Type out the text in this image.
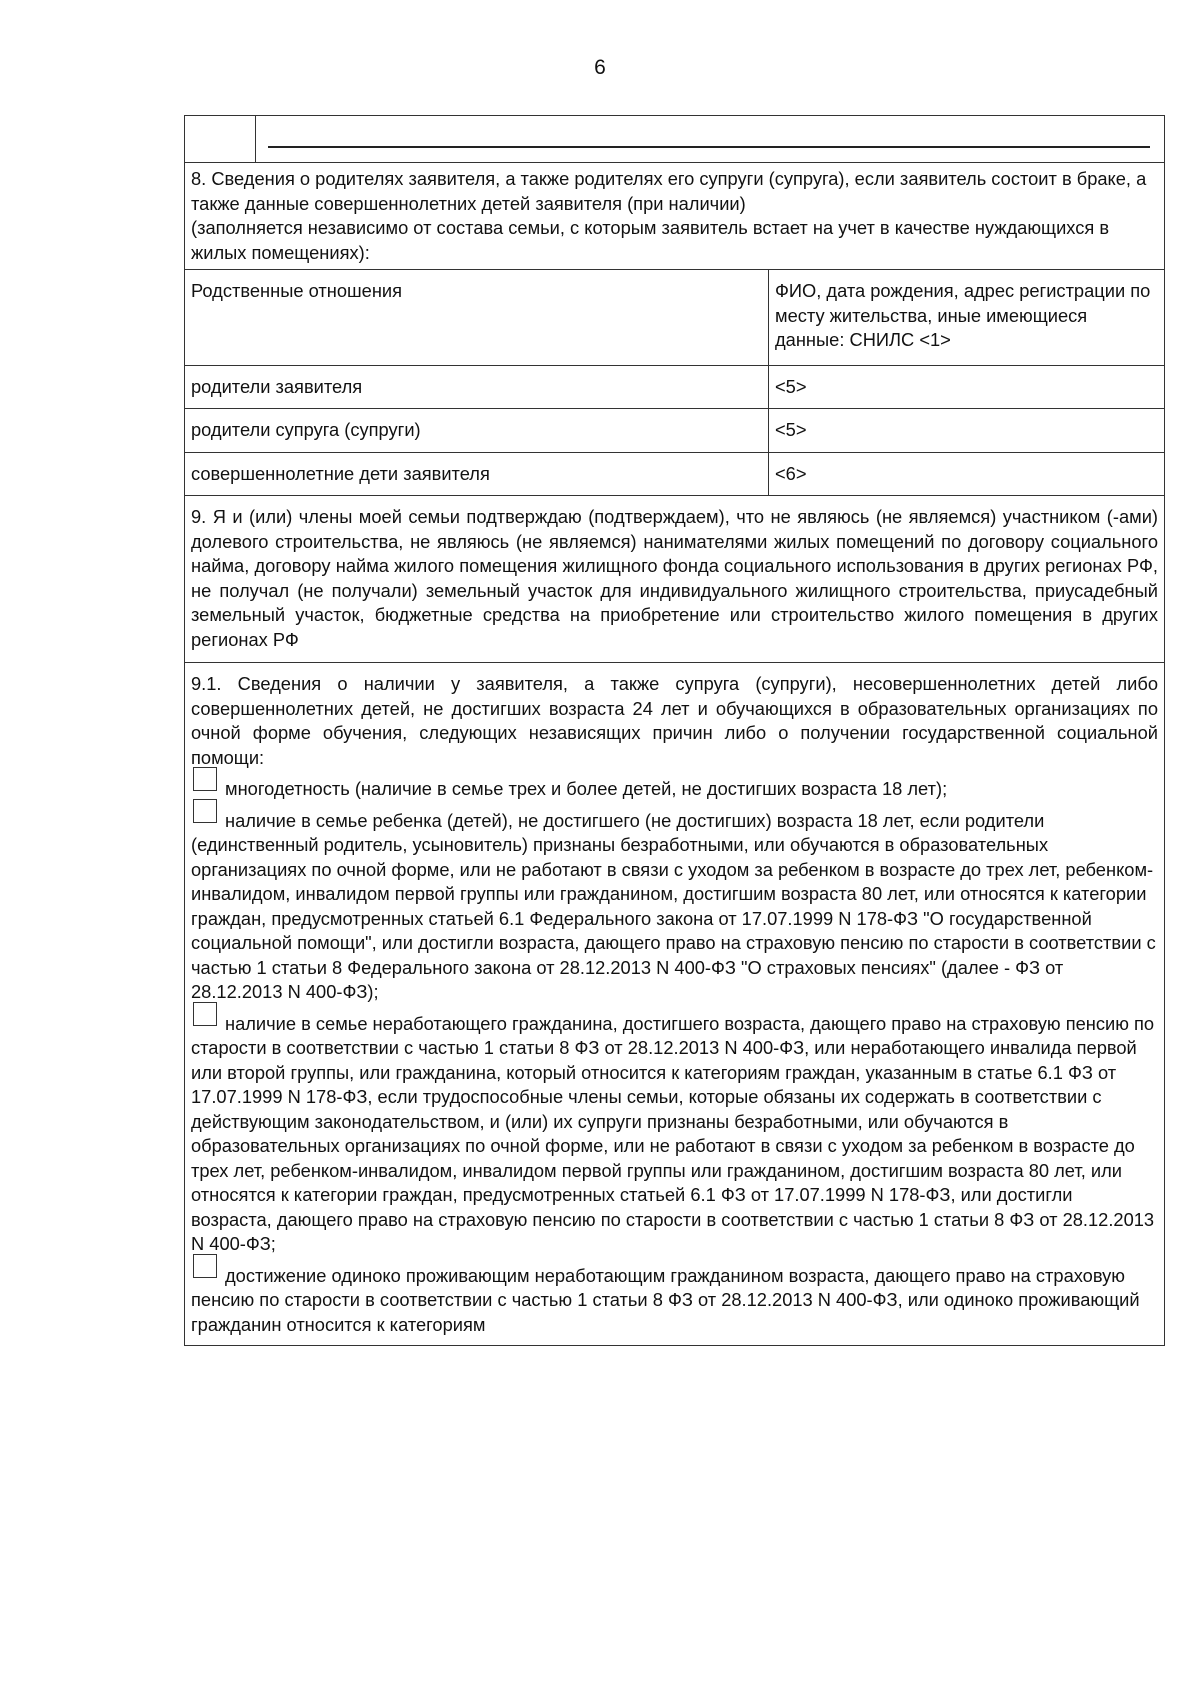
6

8. Сведения о родителях заявителя, а также родителях его супруги (супруга), если заявитель состоит в браке, а также данные совершеннолетних детей заявителя (при наличии)

(заполняется независимо от состава семьи, с которым заявитель встает на учет в качестве нуждающихся в жилых помещениях):		

Родственные отношения		ФИО, дата рождения, адрес регистрации по месту жительства, иные имеющиеся данные: СНИЛС <1>
родители заявителя		<5>
родители супруга (супруги)		<5>
совершеннолетние дети заявителя		<6>

9. Я и (или) члены моей семьи подтверждаю (подтверждаем), что не являюсь (не являемся) участником (-ами) долевого строительства, не являюсь (не являемся) нанимателями жилых помещений по договору социального найма, договору найма жилого помещения жилищного фонда социального использования в других регионах РФ, не получал (не получали) земельный участок для индивидуального жилищного строительства, приусадебный земельный участок, бюджетные средства на приобретение или строительство жилого помещения в других регионах РФ		

9.1. Сведения о наличии у заявителя, а также супруга (супруги), несовершеннолетних детей либо совершеннолетних детей, не достигших возраста 24 лет и обучающихся в образовательных организациях по очной форме обучения, следующих независящих причин либо о получении государственной социальной помощи:

многодетность (наличие в семье трех и более детей, не достигших возраста 18 лет);

наличие в семье ребенка (детей), не достигшего (не достигших) возраста 18 лет, если родители (единственный родитель, усыновитель) признаны безработными, или обучаются в образовательных организациях по очной форме, или не работают в связи с уходом за ребенком в возрасте до трех лет, ребенком-инвалидом, инвалидом первой группы или гражданином, достигшим возраста 80 лет, или относятся к категории граждан, предусмотренных статьей 6.1 Федерального закона от 17.07.1999 N 178-ФЗ "О государственной социальной помощи", или достигли возраста, дающего право на страховую пенсию по старости в соответствии с частью 1 статьи 8 Федерального закона от 28.12.2013 N 400-ФЗ "О страховых пенсиях" (далее - ФЗ от 28.12.2013 N 400-ФЗ);

наличие в семье неработающего гражданина, достигшего возраста, дающего право на страховую пенсию по старости в соответствии с частью 1 статьи 8 ФЗ от 28.12.2013 N 400-ФЗ, или неработающего инвалида первой или второй группы, или гражданина, который относится к категориям граждан, указанным в статье 6.1 ФЗ от 17.07.1999 N 178-ФЗ, если трудоспособные члены семьи, которые обязаны их содержать в соответствии с действующим законодательством, и (или) их супруги признаны безработными, или обучаются в образовательных организациях по очной форме, или не работают в связи с уходом за ребенком в возрасте до трех лет, ребенком-инвалидом, инвалидом первой группы или гражданином, достигшим возраста 80 лет, или относятся к категории граждан, предусмотренных статьей 6.1 ФЗ от 17.07.1999 N 178-ФЗ, или достигли возраста, дающего право на страховую пенсию по старости в соответствии с частью 1 статьи 8 ФЗ от 28.12.2013 N 400-ФЗ;

достижение одиноко проживающим неработающим гражданином возраста, дающего право на страховую пенсию по старости в соответствии с частью 1 статьи 8 ФЗ от 28.12.2013 N 400-ФЗ, или одиноко проживающий гражданин относится к категориям		
